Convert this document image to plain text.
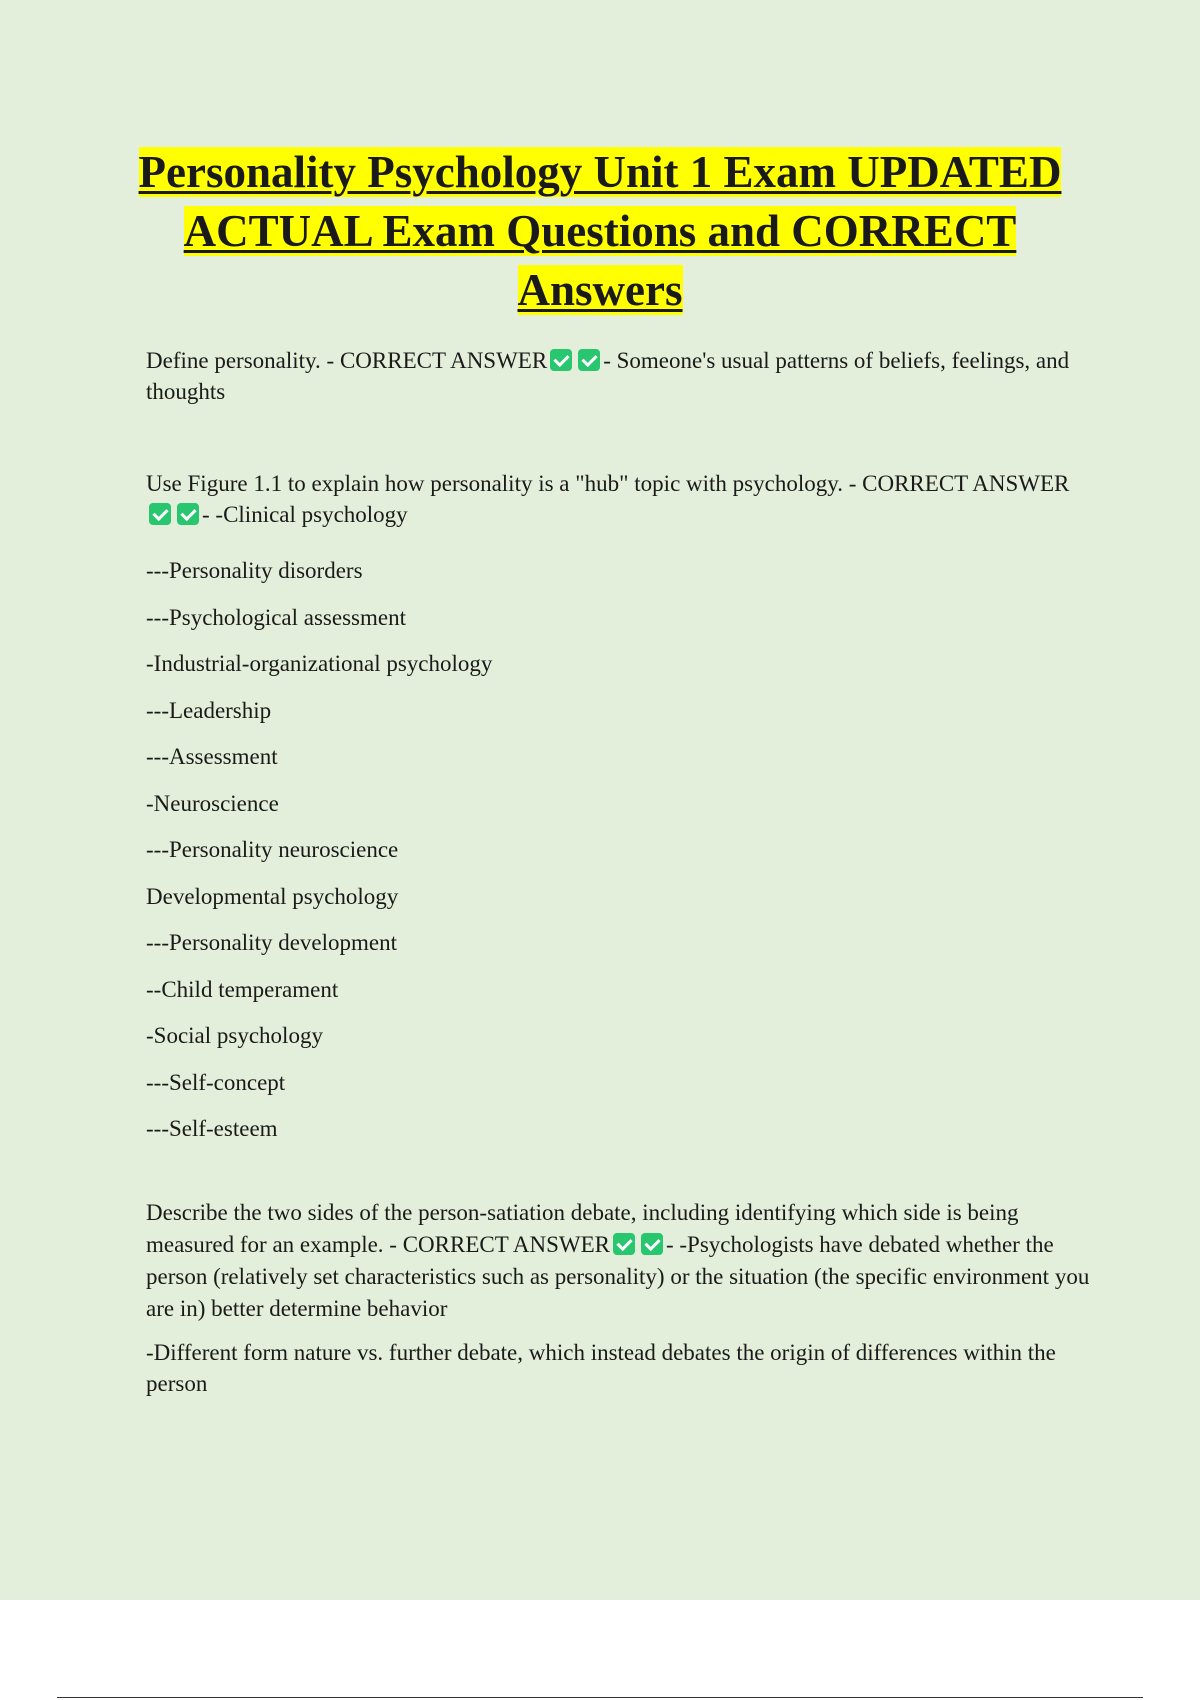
Personality Psychology Unit 1 Exam UPDATED ACTUAL Exam Questions and CORRECT Answers

Define personality. - CORRECT ANSWER - Someone's usual patterns of beliefs, feelings, and thoughts

Use Figure 1.1 to explain how personality is a "hub" topic with psychology. - CORRECT ANSWER- -Clinical psychology

---Personality disorders
---Psychological assessment
-Industrial-organizational psychology
---Leadership
---Assessment
-Neuroscience
---Personality neuroscience
Developmental psychology
---Personality development
--Child temperament
-Social psychology
---Self-concept
---Self-esteem

Describe the two sides of the person-satiation debate, including identifying which side is being measured for an example. - CORRECT ANSWER - -Psychologists have debated whether the person (relatively set characteristics such as personality) or the situation (the specific environment you are in) better determine behavior

-Different form nature vs. further debate, which instead debates the origin of differences within the person
